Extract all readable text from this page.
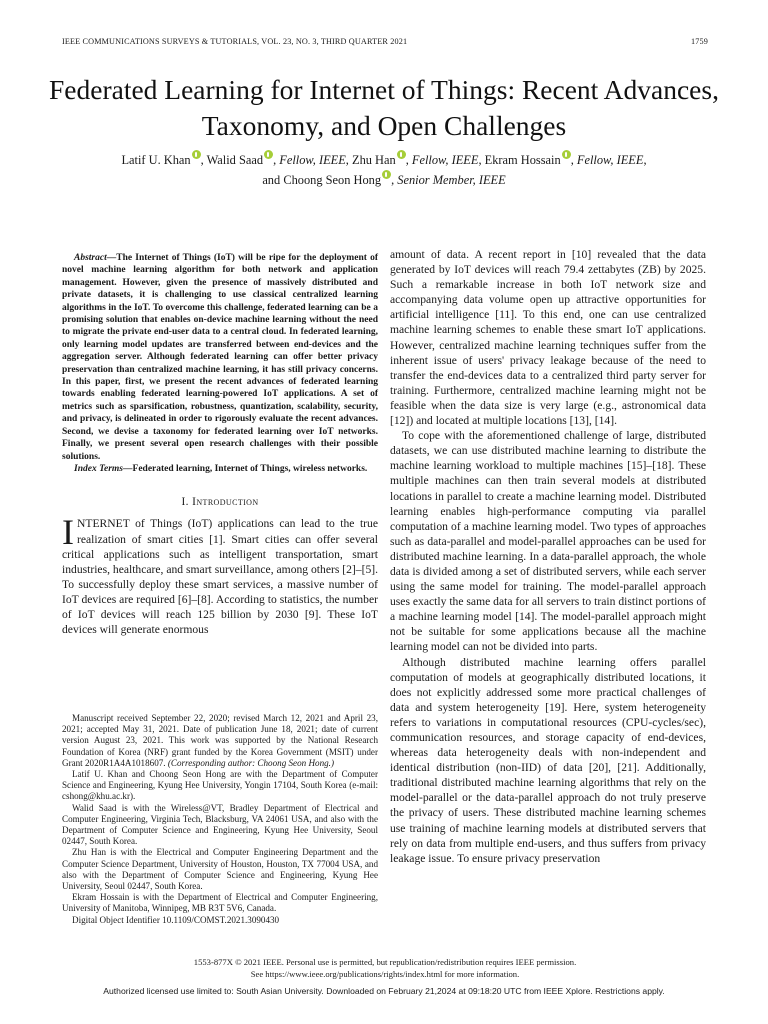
IEEE COMMUNICATIONS SURVEYS & TUTORIALS, VOL. 23, NO. 3, THIRD QUARTER 2021	1759
Federated Learning for Internet of Things: Recent Advances, Taxonomy, and Open Challenges
Latif U. Khan , Walid Saad , Fellow, IEEE, Zhu Han , Fellow, IEEE, Ekram Hossain , Fellow, IEEE,
and Choong Seon Hong , Senior Member, IEEE

Abstract—The Internet of Things (IoT) will be ripe for the deployment of novel machine learning algorithm for both network and application management. However, given the presence of massively distributed and private datasets, it is challenging to use classical centralized learning algorithms in the IoT. To overcome this challenge, federated learning can be a promising solution that enables on-device machine learning without the need to migrate the private end-user data to a central cloud. In federated learning, only learning model updates are transferred between end-devices and the aggregation server. Although federated learning can offer better privacy preservation than centralized machine learning, it has still privacy concerns. In this paper, first, we present the recent advances of federated learning towards enabling federated learning-powered IoT applications. A set of metrics such as sparsification, robustness, quantization, scalability, security, and privacy, is delineated in order to rigorously evaluate the recent advances. Second, we devise a taxonomy for federated learning over IoT networks. Finally, we present several open research challenges with their possible solutions.

Index Terms—Federated learning, Internet of Things, wireless networks.

I. Introduction

INTERNET of Things (IoT) applications can lead to the true realization of smart cities [1]. Smart cities can offer several critical applications such as intelligent transportation, smart industries, healthcare, and smart surveillance, among others [2]–[5]. To successfully deploy these smart services, a massive number of IoT devices are required [6]–[8]. According to statistics, the number of IoT devices will reach 125 billion by 2030 [9]. These IoT devices will generate enormous

Manuscript received September 22, 2020; revised March 12, 2021 and April 23, 2021; accepted May 31, 2021. Date of publication June 18, 2021; date of current version August 23, 2021. This work was supported by the National Research Foundation of Korea (NRF) grant funded by the Korea Government (MSIT) under Grant 2020R1A4A1018607. (Corresponding author: Choong Seon Hong.)

Latif U. Khan and Choong Seon Hong are with the Department of Computer Science and Engineering, Kyung Hee University, Yongin 17104, South Korea (e-mail: cshong@khu.ac.kr).

Walid Saad is with the Wireless@VT, Bradley Department of Electrical and Computer Engineering, Virginia Tech, Blacksburg, VA 24061 USA, and also with the Department of Computer Science and Engineering, Kyung Hee University, Seoul 02447, South Korea.

Zhu Han is with the Electrical and Computer Engineering Department and the Computer Science Department, University of Houston, Houston, TX 77004 USA, and also with the Department of Computer Science and Engineering, Kyung Hee University, Seoul 02447, South Korea.

Ekram Hossain is with the Department of Electrical and Computer Engineering, University of Manitoba, Winnipeg, MB R3T 5V6, Canada.

Digital Object Identifier 10.1109/COMST.2021.3090430

amount of data. A recent report in [10] revealed that the data generated by IoT devices will reach 79.4 zettabytes (ZB) by 2025. Such a remarkable increase in both IoT network size and accompanying data volume open up attractive opportunities for artificial intelligence [11]. To this end, one can use centralized machine learning schemes to enable these smart IoT applications. However, centralized machine learning techniques suffer from the inherent issue of users' privacy leakage because of the need to transfer the end-devices data to a centralized third party server for training. Furthermore, centralized machine learning might not be feasible when the data size is very large (e.g., astronomical data [12]) and located at multiple locations [13], [14].

To cope with the aforementioned challenge of large, distributed datasets, we can use distributed machine learning to distribute the machine learning workload to multiple machines [15]–[18]. These multiple machines can then train several models at distributed locations in parallel to create a machine learning model. Distributed learning enables high-performance computing via parallel computation of a machine learning model. Two types of approaches such as data-parallel and model-parallel approaches can be used for distributed machine learning. In a data-parallel approach, the whole data is divided among a set of distributed servers, while each server using the same model for training. The model-parallel approach uses exactly the same data for all servers to train distinct portions of a machine learning model [14]. The model-parallel approach might not be suitable for some applications because all the machine learning model can not be divided into parts.

Although distributed machine learning offers parallel computation of models at geographically distributed locations, it does not explicitly addressed some more practical challenges of data and system heterogeneity [19]. Here, system heterogeneity refers to variations in computational resources (CPU-cycles/sec), communication resources, and storage capacity of end-devices, whereas data heterogeneity deals with non-independent and identical distribution (non-IID) of data [20], [21]. Additionally, traditional distributed machine learning algorithms that rely on the model-parallel or the data-parallel approach do not truly preserve the privacy of users. These distributed machine learning schemes use training of machine learning models at distributed servers that rely on data from multiple end-users, and thus suffers from privacy leakage issue. To ensure privacy preservation

1553-877X © 2021 IEEE. Personal use is permitted, but republication/redistribution requires IEEE permission.
See https://www.ieee.org/publications/rights/index.html for more information.
Authorized licensed use limited to: South Asian University. Downloaded on February 21,2024 at 09:18:20 UTC from IEEE Xplore. Restrictions apply.
